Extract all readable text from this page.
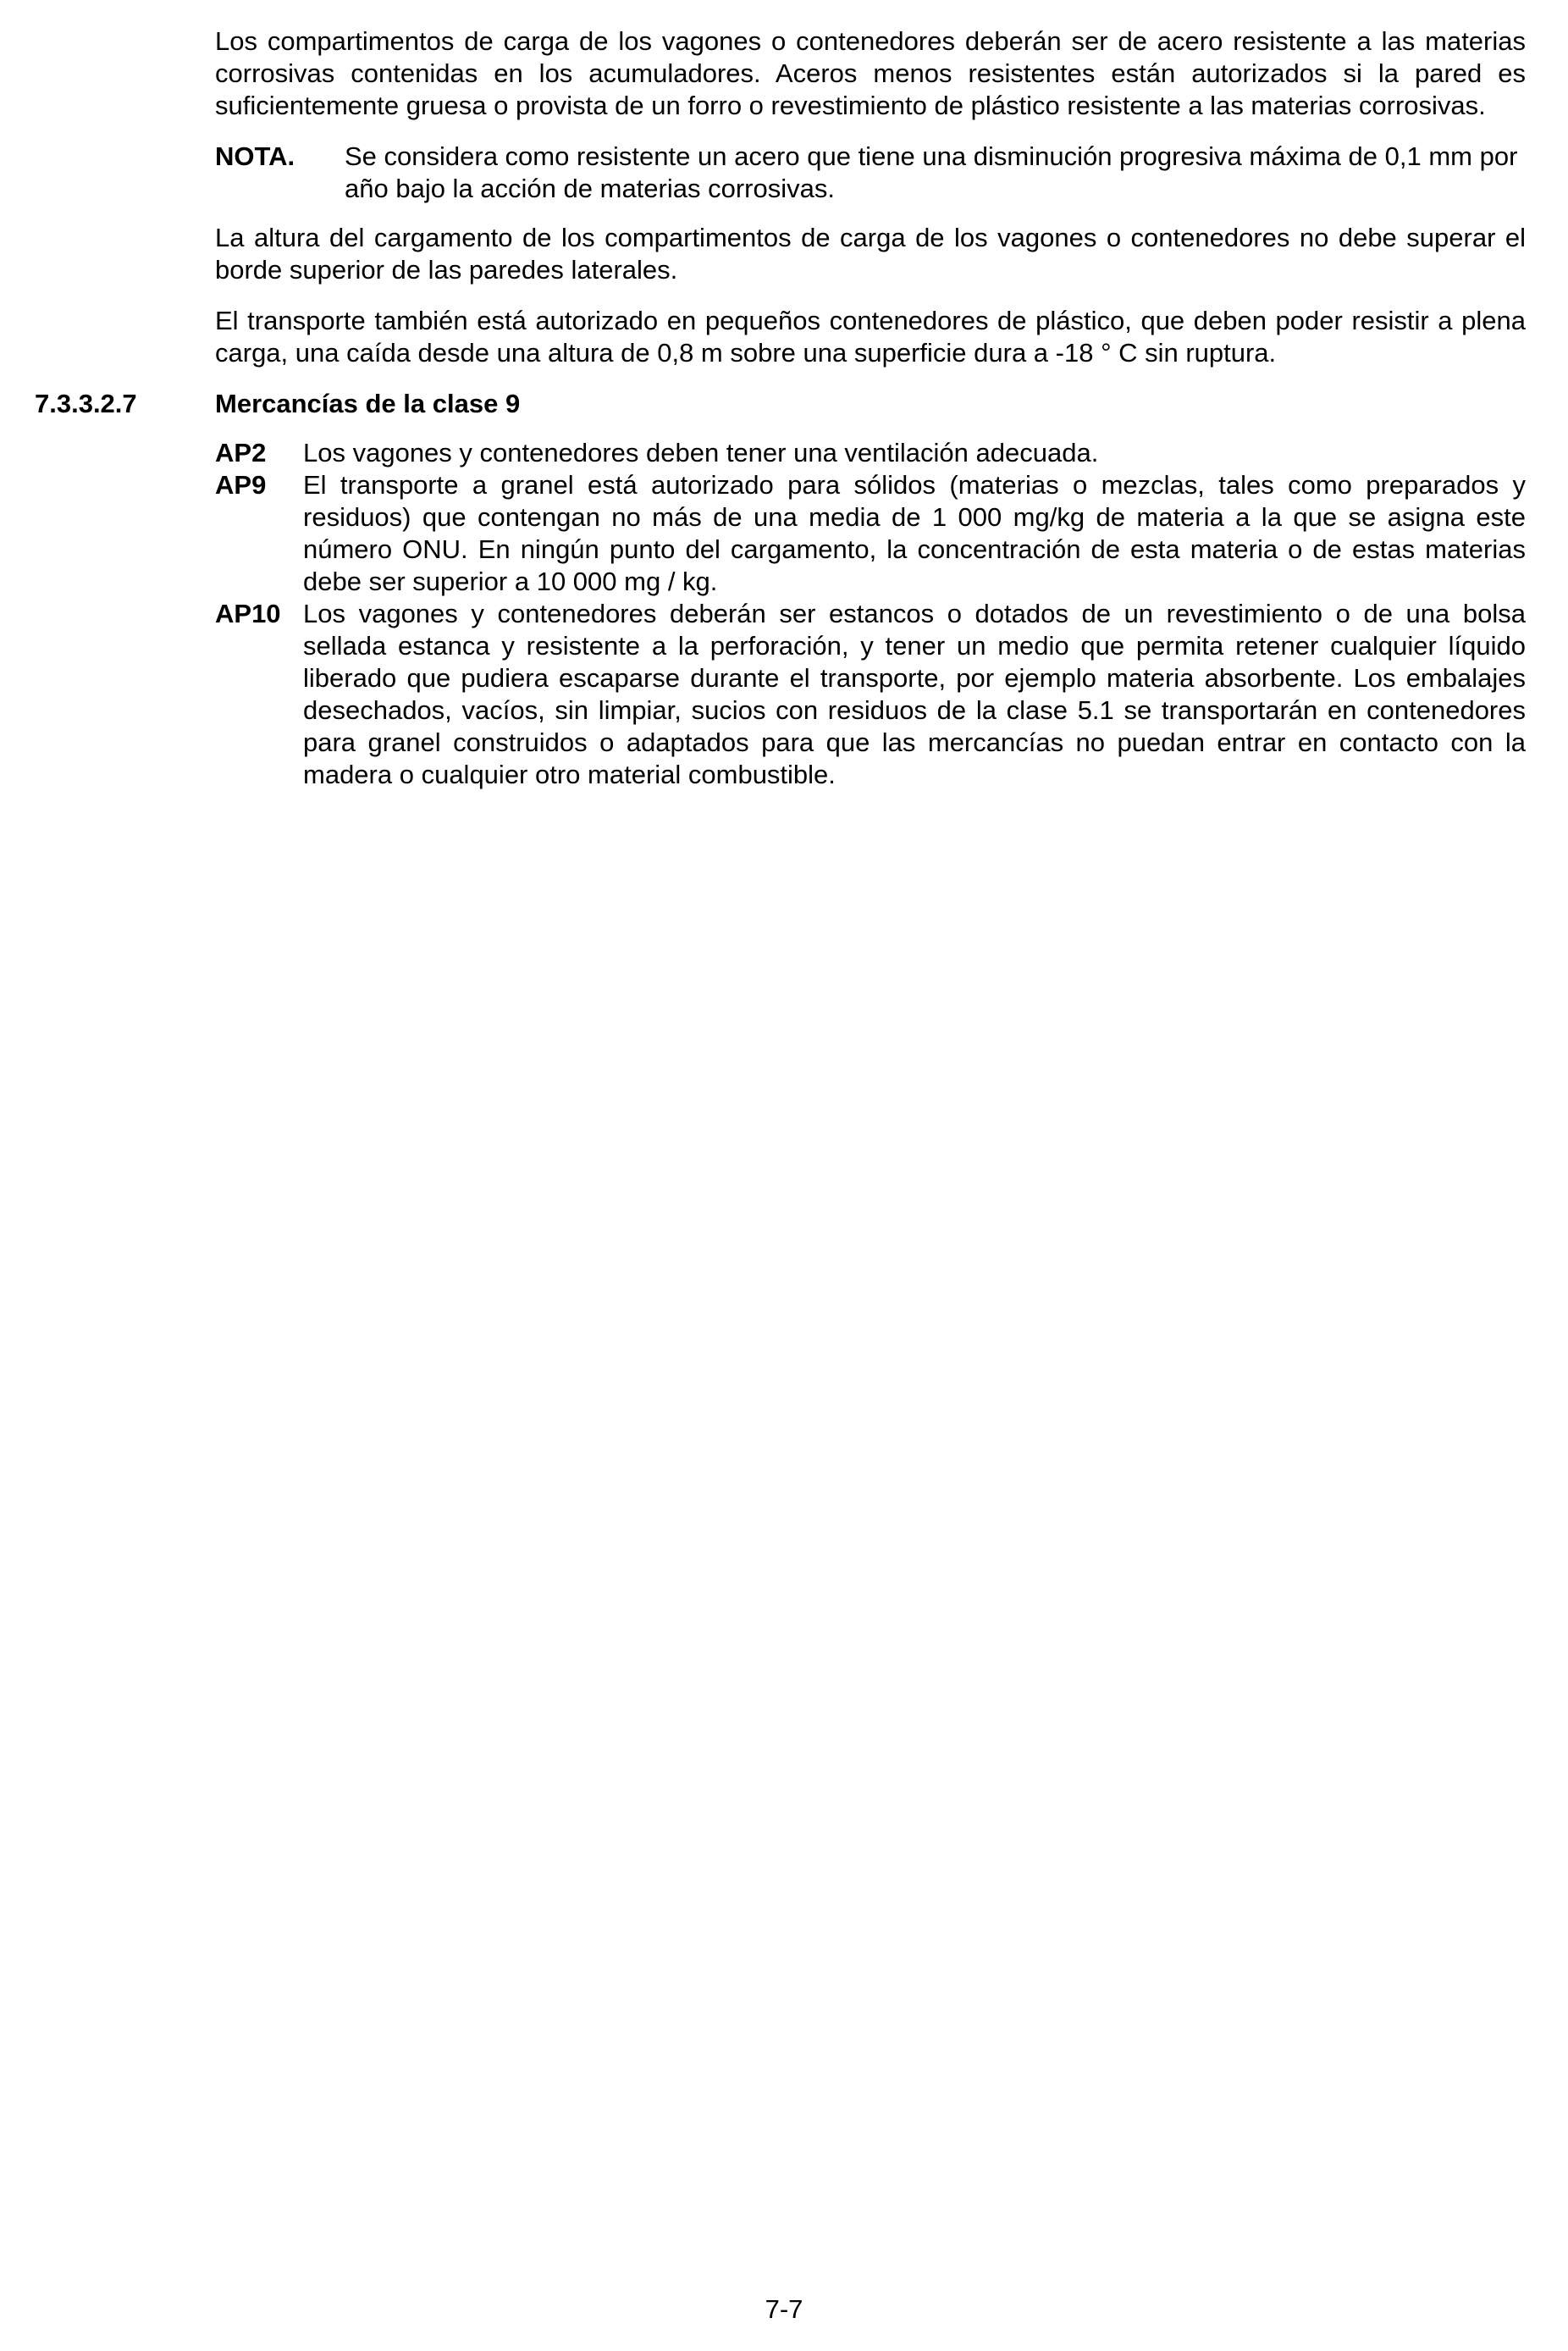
Los compartimentos de carga de los vagones o contenedores deberán ser de acero resistente a las materias corrosivas contenidas en los acumuladores. Aceros menos resistentes están autorizados si la pared es suficientemente gruesa o provista de un forro o revestimiento de plástico resistente a las materias corrosivas.

NOTA.	Se considera como resistente un acero que tiene una disminución progresiva máxima de 0,1 mm por año bajo la acción de materias corrosivas.

La altura del cargamento de los compartimentos de carga de los vagones o contenedores no debe superar el borde superior de las paredes laterales.

El transporte también está autorizado en pequeños contenedores de plástico, que deben poder resistir a plena carga, una caída desde una altura de 0,8 m sobre una superficie dura a -18 ° C sin ruptura.

7.3.3.2.7	Mercancías de la clase 9
AP2	Los vagones y contenedores deben tener una ventilación adecuada.
AP9	El transporte a granel está autorizado para sólidos (materias o mezclas, tales como preparados y residuos) que contengan no más de una media de 1 000 mg/kg de materia a la que se asigna este número ONU. En ningún punto del cargamento, la concentración de esta materia o de estas materias debe ser superior a 10 000 mg / kg.
AP10 Los vagones y contenedores deberán ser estancos o dotados de un revestimiento o de una bolsa sellada estanca y resistente a la perforación, y tener un medio que permita retener cualquier líquido liberado que pudiera escaparse durante el transporte, por ejemplo materia absorbente. Los embalajes desechados, vacíos, sin limpiar, sucios con residuos de la clase 5.1 se transportarán en contenedores para granel construidos o adaptados para que las mercancías no puedan entrar en contacto con la madera o cualquier otro material combustible.
7-7
